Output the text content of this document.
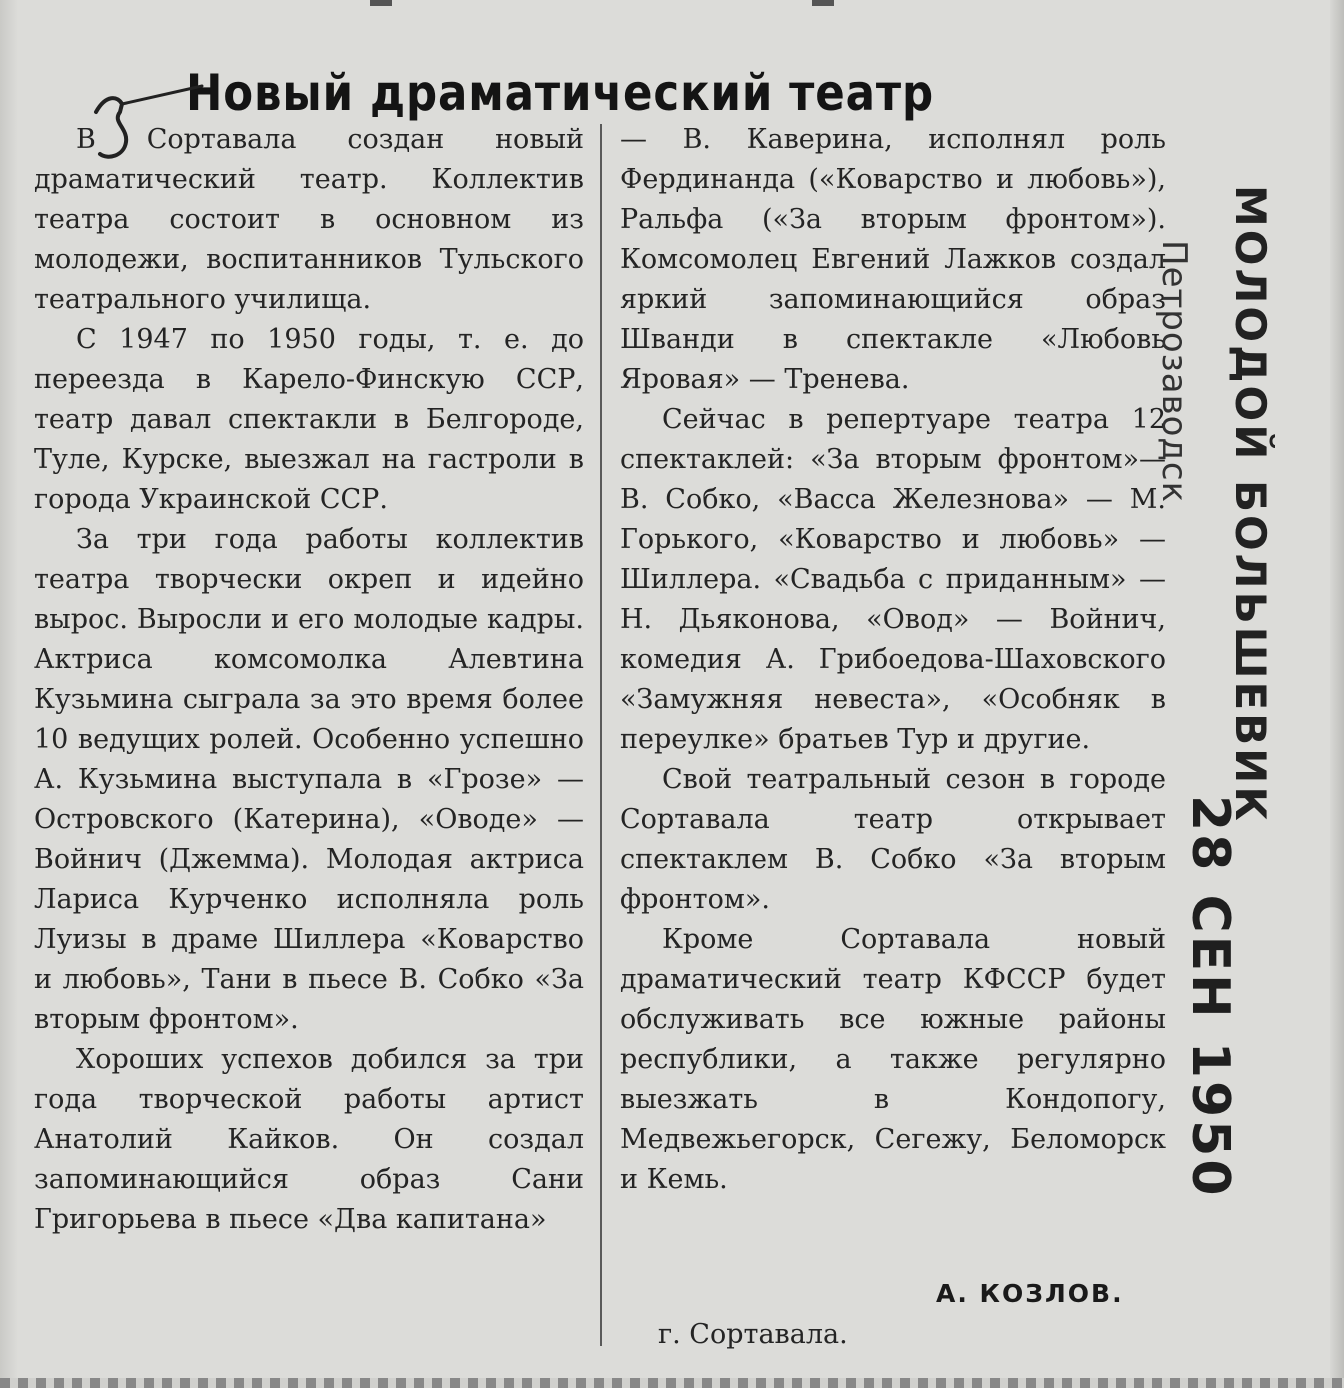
Новый драматический театр

В Сортавала создан новый драматический театр. Коллектив театра состоит в основном из молодежи, воспитанников Тульского театрального училища.

С 1947 по 1950 годы, т. е. до переезда в Карело-Финскую ССР, театр давал спектакли в Белгороде, Туле, Курске, выезжал на гастроли в города Украинской ССР.

За три года работы коллектив театра творчески окреп и идейно вырос. Выросли и его молодые кадры. Актриса комсомолка Алевтина Кузьмина сыграла за это время более 10 ведущих ролей. Особенно успешно А. Кузьмина выступала в «Грозе» — Островского (Катерина), «Оводе» — Войнич (Джемма). Молодая актриса Лариса Курченко исполняла роль Луизы в драме Шиллера «Коварство и любовь», Тани в пьесе В. Собко «За вторым фронтом».

Хороших успехов добился за три года творческой работы артист Анатолий Кайков. Он создал запоминающийся образ Сани Григорьева в пьесе «Два капитана»

— В. Каверина, исполнял роль Фердинанда («Коварство и любовь»), Ральфа («За вторым фронтом»). Комсомолец Евгений Лажков создал яркий запоминающийся образ Шванди в спектакле «Любовь Яровая» — Тренева.

Сейчас в репертуаре театра 12 спектаклей: «За вторым фронтом»—В. Собко, «Васса Железнова» — М. Горького, «Коварство и любовь» — Шиллера. «Свадьба с приданным» — Н. Дьяконова, «Овод» — Войнич, комедия А. Грибоедова-Шаховского «Замужняя невеста», «Особняк в переулке» братьев Тур и другие.

Свой театральный сезон в городе Сортавала театр открывает спектаклем В. Собко «За вторым фронтом».

Кроме Сортавала новый драматический театр КФССР будет обслуживать все южные районы республики, а также регулярно выезжать в Кондопогу, Медвежьегорск, Сегежу, Беломорск и Кемь.

А. КОЗЛОВ.
г. Сортавала.
МОЛОДОЙ БОЛЬШЕВИК
Петрозаводск
28 СЕН 1950
